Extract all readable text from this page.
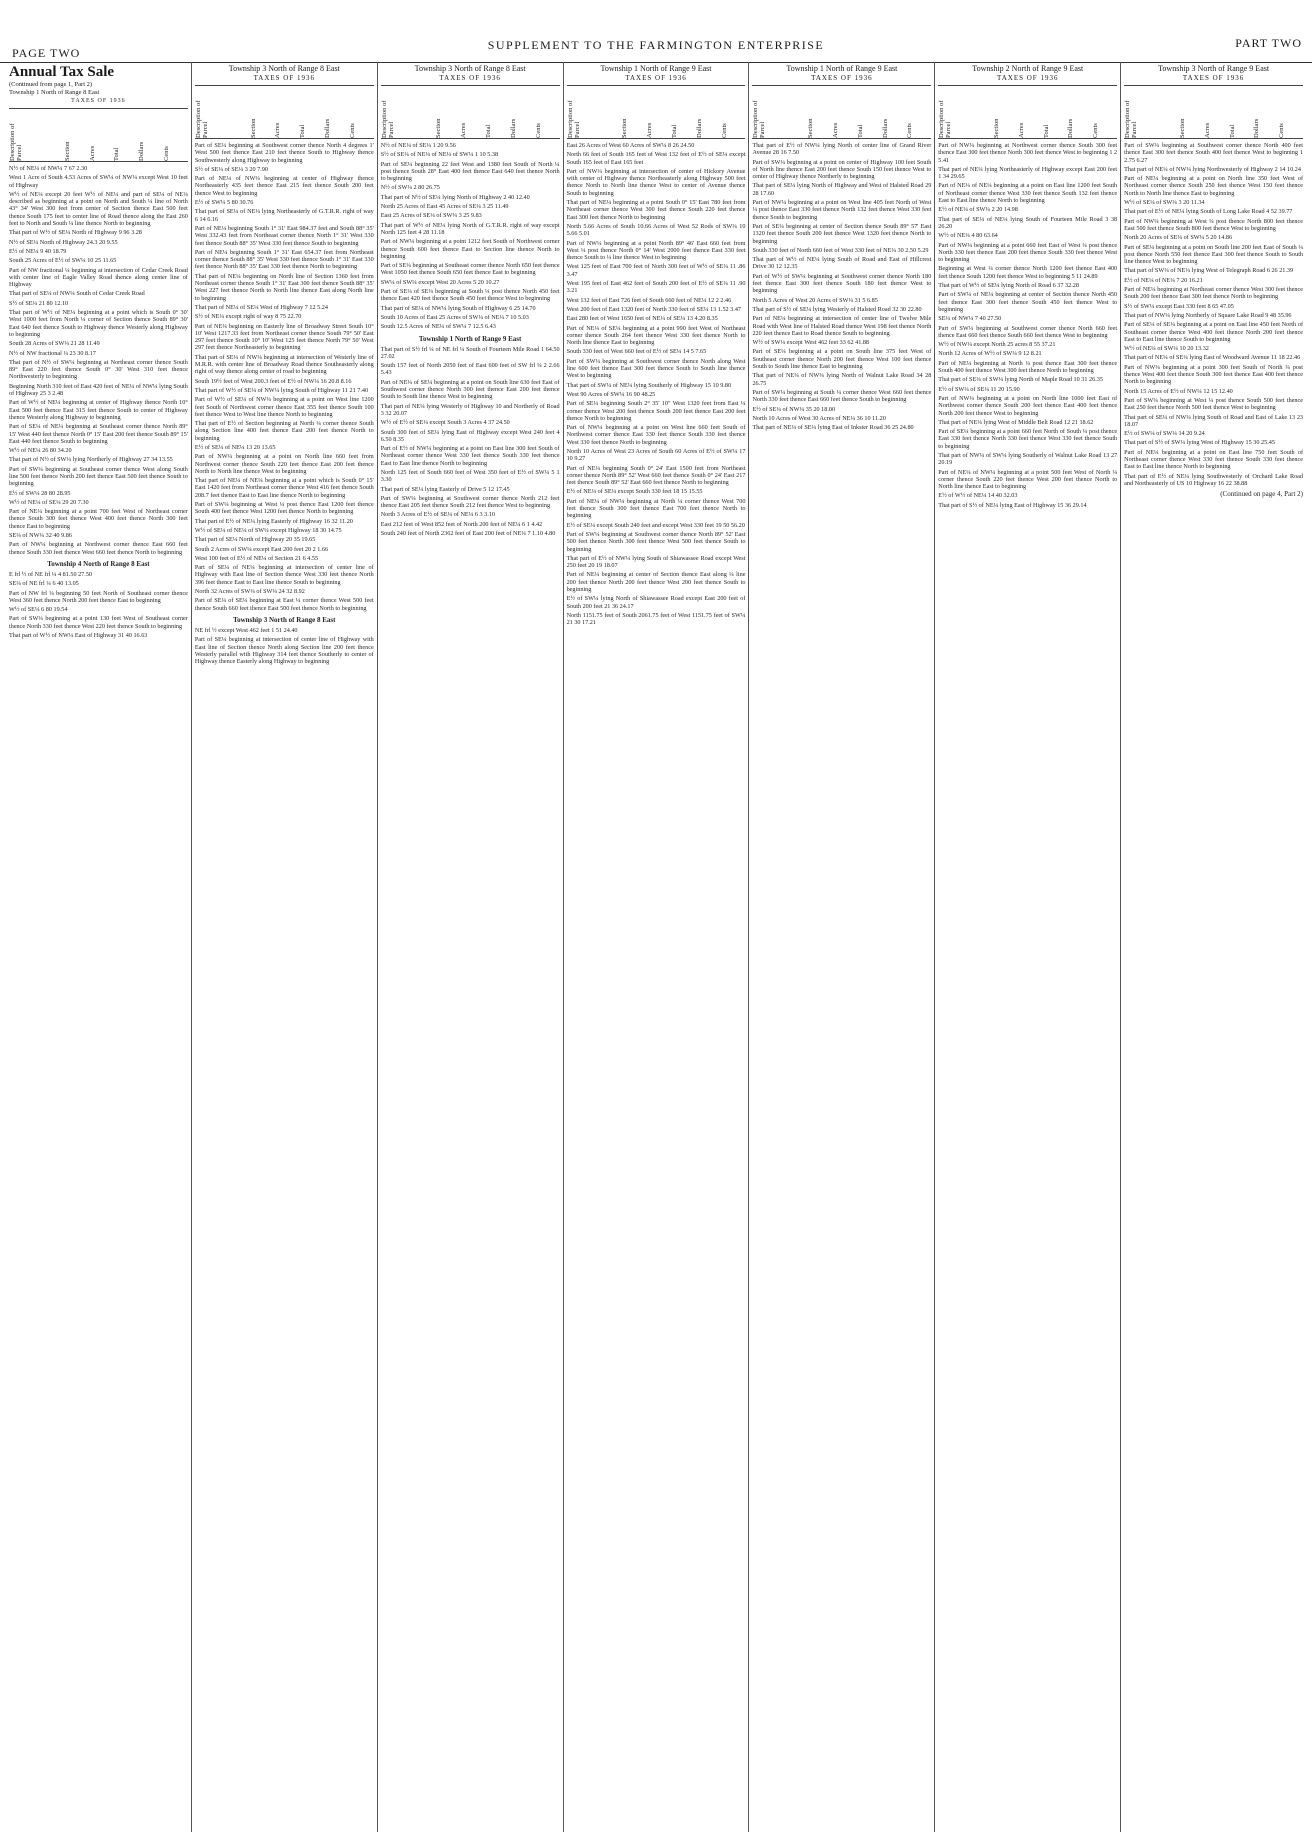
PAGE TWO
SUPPLEMENT TO THE FARMINGTON ENTERPRISE	PART TWO
Annual Tax Sale
(Continued from page 1, Part 2)
Township 1 North of Range 8 East
TAXES OF 1936
Description of Parcel	Section	Acres	Total	Dollars	Cents
N½ of NE¼ of NW¼ 7 67 2.30
West 1 Acre of South 4.53 Acres of SW¼ of NW¼ except West 10 feet of Highway
W½ of NE¼ except 20 feet W½ of NE¼ and part of SE¼ of NE¼ described as beginning at a point on North and South ¼ line of North 43° 34' West 300 feet from center of Section thence East 500 feet thence South 175 feet to center line of Road thence along the East 260 feet to North and South ¼ line thence North to beginning
That part of W½ of SE¼ North of Highway 9 96 3.28
N½ of SE¼ North of Highway 24.3 20 9.55
E½ of NE¼ 9 40 18.79
South 25 Acres of E½ of SW¼ 10 25 11.65
Part of NW fractional ¼ beginning at intersection of Cedar Creek Road with center line of Eagle Valley Road thence along center line of Highway
That part of SE¼ of NW¼ South of Cedar Creek Road
S½ of SE¼ 21 80 12.10
That part of W½ of NE¼ beginning at a point which is South 0° 30' West 1000 feet from North ¼ corner of Section thence South 89° 30' East 640 feet thence South to Highway thence Westerly along Highway to beginning
South 28 Acres of SW¼ 21 28 11.49
N½ of NW fractional ¼ 23 30 8.17
That part of N½ of SW¼ beginning at Northeast corner thence South 89° East 220 feet thence South 0° 30' West 310 feet thence Northwesterly to beginning
Beginning North 310 feet of East 420 feet of NE¼ of NW¼ lying South of Highway 25 3 2.48
Part of W½ of NE¼ beginning at center of Highway thence North 10° East 500 feet thence East 315 feet thence South to center of Highway thence Westerly along Highway to beginning
Part of SE¼ of NE¼ beginning at Southeast corner thence North 89° 15' West 440 feet thence North 0° 15' East 200 feet thence South 89° 15' East 440 feet thence South to beginning
W½ of NE¼ 26 80 34.20
That part of N½ of SW¼ lying Northerly of Highway 27 34 13.55
Part of SW¼ beginning at Southeast corner thence West along South line 500 feet thence North 200 feet thence East 500 feet thence South to beginning
E½ of SW¼ 28 80 28.95
W½ of NE¼ of SE¼ 29 20 7.30
Part of NE¼ beginning at a point 700 feet West of Northeast corner thence South 300 feet thence West 400 feet thence North 300 feet thence East to beginning
SE¼ of NW¼ 32 40 9.86
Part of NW¼ beginning at Northwest corner thence East 660 feet thence South 330 feet thence West 660 feet thence North to beginning
Township 4 North of Range 8 East
E frl ½ of NE frl ¼ 4 81.50 27.50
SE¼ of NE frl ¼ 6 40 13.05
Part of NW frl ¼ beginning 50 feet North of Southeast corner thence West 360 feet thence North 200 feet thence East to beginning
W½ of SE¼ 6 80 19.54
Part of SW¼ beginning at a point 130 feet West of Southeast corner thence North 330 feet thence West 220 feet thence South to beginning
That part of W½ of NW¼ East of Highway 31 40 16.63
Township 3 North of Range 8 East
TAXES OF 1936
Description of Parcel	Section	Acres	Total	Dollars	Cents
Part of SE¼ beginning at Southwest corner thence North 4 degrees 1' West 500 feet thence East 210 feet thence South to Highway thence Southwesterly along Highway to beginning
S½ of SE¼ of SE¼ 3 20 7.90
Part of NE¼ of NW¼ beginning at center of Highway thence Northeasterly 435 feet thence East 215 feet thence South 200 feet thence West to beginning
E½ of SW¼ 5 80 30.76
That part of SE¼ of NE¼ lying Northeasterly of G.T.R.R. right of way 6 14 6.16
Part of NE¼ beginning South 1° 31' East 984.37 feet and South 88° 35' West 332.43 feet from Northeast corner thence North 1° 31' West 330 feet thence South 88° 35' West 330 feet thence South to beginning
Part of NE¼ beginning South 1° 31' East 654.37 feet from Northeast corner thence South 88° 35' West 330 feet thence South 1° 31' East 330 feet thence North 88° 35' East 330 feet thence North to beginning
That part of NE¼ beginning on North line of Section 1360 feet from Northeast corner thence South 1° 31' East 300 feet thence South 88° 35' West 227 feet thence North to North line thence East along North line to beginning
That part of NE¼ of SE¼ West of Highway 7 12 5.24
S½ of NE¼ except right of way 8 75 22.70
Part of NE¼ beginning on Easterly line of Broadway Street South 10° 10' West 1217.33 feet from Northeast corner thence South 79° 50' East 297 feet thence South 10° 10' West 125 feet thence North 79° 50' West 297 feet thence Northeasterly to beginning
That part of SE¼ of NW¼ beginning at intersection of Westerly line of M.R.R. with center line of Broadway Road thence Southeasterly along right of way thence along center of road to beginning
South 19½ feet of West 200.3 feet of E½ of NW¼ 16 20.8 8.16
That part of W½ of SE¼ of NW¼ lying South of Highway 11 21 7.40
Part of W½ of SE¼ of NW¼ beginning at a point on West line 1200 feet South of Northwest corner thence East 355 feet thence South 100 feet thence West to West line thence North to beginning
That part of E½ of Section beginning at North ¼ corner thence South along Section line 400 feet thence East 200 feet thence North to beginning
E½ of SE¼ of NE¼ 13 20 13.65
Part of NW¼ beginning at a point on North line 660 feet from Northwest corner thence South 220 feet thence East 200 feet thence North to North line thence West to beginning
That part of NE¼ of NE¼ beginning at a point which is South 0° 15' East 1420 feet from Northeast corner thence West 416 feet thence South 208.7 feet thence East to East line thence North to beginning
Part of SW¼ beginning at West ¼ post thence East 1200 feet thence South 400 feet thence West 1200 feet thence North to beginning
That part of E½ of NE¼ lying Easterly of Highway 16 32 11.20
W½ of SE¼ of NE¼ of SW¼ except Highway 18 30 14.75
That part of SE¼ North of Highway 20 35 19.65
South 2 Acres of SW¼ except East 200 feet 20 2 1.66
West 100 feet of E½ of NE¼ of Section 21 6 4.55
Part of SE¼ of NE¼ beginning at intersection of center line of Highway with East line of Section thence West 330 feet thence North 396 feet thence East to East line thence South to beginning
North 32 Acres of SW¼ of SW¼ 24 32 8.92
Part of SE¼ of SE¼ beginning at East ¼ corner thence West 500 feet thence South 660 feet thence East 500 feet thence North to beginning
Township 3 North of Range 8 East
NE frl ½ except West 462 feet 1 51 24.40
Part of SE¼ beginning at intersection of center line of Highway with East line of Section thence North along Section line 200 feet thence Westerly parallel with Highway 314 feet thence Southerly to center of Highway thence Easterly along Highway to beginning
Township 3 North of Range 8 East
TAXES OF 1936
Description of Parcel	Section	Acres	Total	Dollars	Cents
N½ of NE¼ of SE¼ 1 20 9.56
S½ of SE¼ of NE¼ of NE¼ of SW¼ 1 10 5.38
Part of SE¼ beginning 22 feet West and 1380 feet South of North ¼ post thence South 28° East 400 feet thence East 640 feet thence North to beginning
N½ of SW¼ 2 80 26.75
That part of N½ of SE¼ lying North of Highway 2 40 12.40
North 25 Acres of East 45 Acres of SE¼ 3 25 11.49
East 25 Acres of SE¼ of SW¼ 3 25 9.83
That part of W½ of NE¼ lying North of G.T.R.R. right of way except North 125 feet 4 28 11.18
Part of NW¼ beginning at a point 1212 feet South of Northwest corner thence South 600 feet thence East to Section line thence North to beginning
Part of SE¼ beginning at Southeast corner thence North 650 feet thence West 1050 feet thence South 650 feet thence East to beginning
SW¼ of SW¼ except West 20 Acres 5 20 10.27
Part of SE¼ of SE¼ beginning at South ¼ post thence North 450 feet thence East 420 feet thence South 450 feet thence West to beginning
That part of SE¼ of NW¼ lying South of Highway 6 25 14.70
South 10 Acres of East 25 Acres of SW¼ of NE¼ 7 10 5.03
South 12.5 Acres of NE¼ of SW¼ 7 12.5 6.43
Township 1 North of Range 9 East
That part of S½ frl ¼ of NE frl ¼ South of Fourteen Mile Road 1 64.50 27.02
South 157 feet of North 2050 feet of East 600 feet of SW frl ¼ 2 2.66 5.43
Part of NE¼ of SE¼ beginning at a point on South line 630 feet East of Southwest corner thence North 300 feet thence East 200 feet thence South to South line thence West to beginning
That part of NE¼ lying Westerly of Highway 10 and Northerly of Road 3 32 20.07
W½ of E½ of SE¼ except South 3 Acres 4 37 24.50
South 300 feet of SE¼ lying East of Highway except West 240 feet 4 6.50 8.35
Part of E½ of NW¼ beginning at a point on East line 300 feet South of Northeast corner thence West 330 feet thence South 330 feet thence East to East line thence North to beginning
North 125 feet of South 660 feet of West 350 feet of E½ of SW¼ 5 1 3.30
That part of SE¼ lying Easterly of Drive 5 12 17.45
Part of SW¼ beginning at Southwest corner thence North 212 feet thence East 205 feet thence South 212 feet thence West to beginning
North 3 Acres of E½ of SE¼ of NE¼ 6 3 3.10
East 212 feet of West 852 feet of North 200 feet of NE¼ 6 1 4.42
South 240 feet of North 2362 feet of East 200 feet of NE¼ 7 1.10 4.80
Township 1 North of Range 9 East
TAXES OF 1936
Description of Parcel	Section	Acres	Total	Dollars	Cents
East 26 Acres of West 60 Acres of SW¼ 8 26 24.50
North 66 feet of South 165 feet of West 132 feet of E½ of SE¼ except South 165 feet of East 165 feet
Part of NW¼ beginning at intersection of center of Hickory Avenue with center of Highway thence Northeasterly along Highway 500 feet thence North to North line thence West to center of Avenue thence South to beginning
That part of NE¼ beginning at a point South 0° 15' East 780 feet from Northeast corner thence West 300 feet thence South 220 feet thence East 300 feet thence North to beginning
North 5.66 Acres of South 10.66 Acres of West 52 Rods of SW¼ 10 5.66 5.01
Part of NW¼ beginning at a point North 89° 46' East 660 feet from West ¼ post thence North 0° 14' West 2000 feet thence East 330 feet thence South to ¼ line thence West to beginning
West 125 feet of East 700 feet of North 300 feet of W½ of SE¼ 11 .86 3.47
West 195 feet of East 462 feet of South 200 feet of E½ of SE¼ 11 .90 3.21
West 132 feet of East 726 feet of South 660 feet of NE¼ 12 2 2.46
West 200 feet of East 1320 feet of North 330 feet of SE¼ 13 1.52 3.47
East 280 feet of West 1650 feet of NE¼ of SE¼ 13 4.20 8.35
Part of NE¼ of SE¼ beginning at a point 990 feet West of Northeast corner thence South 264 feet thence West 330 feet thence North to North line thence East to beginning
South 330 feet of West 660 feet of E½ of SE¼ 14 5 7.65
Part of SW¼ beginning at Southwest corner thence North along West line 600 feet thence East 300 feet thence South to South line thence West to beginning
That part of SW¼ of NE¼ lying Southerly of Highway 15 10 9.80
West 90 Acres of SW¼ 16 90 48.25
Part of SE¼ beginning South 2° 35' 10" West 1320 feet from East ¼ corner thence West 200 feet thence South 200 feet thence East 200 feet thence North to beginning
Part of NW¼ beginning at a point on West line 660 feet South of Northwest corner thence East 330 feet thence South 330 feet thence West 330 feet thence North to beginning
North 10 Acres of West 23 Acres of South 60 Acres of E½ of SW¼ 17 10 9.27
Part of NE¼ beginning South 0° 24' East 1500 feet from Northeast corner thence North 89° 52' West 660 feet thence South 0° 24' East 217 feet thence South 89° 52' East 660 feet thence North to beginning
E½ of NE¼ of SE¼ except South 330 feet 18 15 15.55
Part of NE¼ of NW¼ beginning at North ¼ corner thence West 700 feet thence South 300 feet thence East 700 feet thence North to beginning
E½ of SE¼ except South 240 feet and except West 330 feet 19 50 56.20
Part of SW¼ beginning at Southwest corner thence North 89° 52' East 500 feet thence North 300 feet thence West 500 feet thence South to beginning
That part of E½ of NW¼ lying South of Shiawassee Road except West 250 feet 20 19 18.07
Part of NE¼ beginning at center of Section thence East along ¼ line 200 feet thence North 200 feet thence West 200 feet thence South to beginning
E½ of SW¼ lying North of Shiawassee Road except East 200 feet of South 200 feet 21 36 24.17
North 1151.75 feet of South 2061.75 feet of West 1151.75 feet of SW¼ 21 30 17.21
Township 1 North of Range 9 East
TAXES OF 1936
Description of Parcel	Section	Acres	Total	Dollars	Cents
That part of E½ of NW¼ lying North of center line of Grand River Avenue 28 16 7.50
Part of SW¼ beginning at a point on center of Highway 100 feet South of North line thence East 200 feet thence South 150 feet thence West to center of Highway thence Northerly to beginning
That part of SE¼ lying North of Highway and West of Halsted Road 29 28 17.60
Part of NW¼ beginning at a point on West line 405 feet North of West ¼ post thence East 330 feet thence North 132 feet thence West 330 feet thence South to beginning
Part of SE¼ beginning at center of Section thence South 89° 57' East 1320 feet thence South 200 feet thence West 1320 feet thence North to beginning
South 330 feet of North 660 feet of West 330 feet of NE¼ 30 2.50 5.29
That part of W½ of NE¼ lying South of Road and East of Hillcrest Drive 30 12 12.35
Part of W½ of SW¼ beginning at Southwest corner thence North 180 feet thence East 300 feet thence South 180 feet thence West to beginning
North 5 Acres of West 20 Acres of SW¼ 31 5 6.85
That part of S½ of SE¼ lying Westerly of Halsted Road 32 30 22.80
Part of NE¼ beginning at intersection of center line of Twelve Mile Road with West line of Halsted Road thence West 198 feet thence North 220 feet thence East to Road thence South to beginning
W½ of SW¼ except West 462 feet 33 62 41.88
Part of SE¼ beginning at a point on South line 375 feet West of Southeast corner thence North 200 feet thence West 100 feet thence South to South line thence East to beginning
That part of NE¼ of NW¼ lying North of Walnut Lake Road 34 28 26.75
Part of SW¼ beginning at South ¼ corner thence West 660 feet thence North 330 feet thence East 660 feet thence South to beginning
E½ of SE¼ of NW¼ 35 20 18.00
North 10 Acres of West 30 Acres of NE¼ 36 10 11.20
That part of NE¼ of SE¼ lying East of Inkster Road 36 25 24.80
Township 2 North of Range 9 East
TAXES OF 1936
Description of Parcel	Section	Acres	Total	Dollars	Cents
Part of NW¼ beginning at Northwest corner thence South 300 feet thence East 300 feet thence North 300 feet thence West to beginning 1 2 5.41
That part of NE¼ lying Northeasterly of Highway except East 200 feet 1 34 29.65
Part of NE¼ of NE¼ beginning at a point on East line 1200 feet South of Northeast corner thence West 330 feet thence South 132 feet thence East to East line thence North to beginning
E½ of NE¼ of SW¼ 2 20 14.98
That part of SE¼ of NE¼ lying South of Fourteen Mile Road 3 38 26.20
W½ of NE¼ 4 80 63.64
Part of NW¼ beginning at a point 660 feet East of West ¼ post thence North 330 feet thence East 200 feet thence South 330 feet thence West to beginning
Beginning at West ¼ corner thence North 1200 feet thence East 400 feet thence South 1200 feet thence West to beginning 5 11 24.89
That part of W½ of SE¼ lying North of Road 6 37 32.28
Part of SW¼ of NE¼ beginning at center of Section thence North 450 feet thence East 300 feet thence South 450 feet thence West to beginning
SE¼ of NW¼ 7 40 27.50
Part of SW¼ beginning at Southwest corner thence North 660 feet thence East 660 feet thence South 660 feet thence West to beginning
W½ of NW¼ except North 25 acres 8 55 37.21
North 12 Acres of W½ of SW¼ 9 12 8.21
Part of NE¼ beginning at North ¼ post thence East 300 feet thence South 400 feet thence West 300 feet thence North to beginning
That part of SE¼ of SW¼ lying North of Maple Road 10 31 26.35
E½ of SW¼ of SE¼ 11 20 15.90
Part of NW¼ beginning at a point on North line 1000 feet East of Northwest corner thence South 200 feet thence East 400 feet thence North 200 feet thence West to beginning
That part of NE¼ lying West of Middle Belt Road 12 21 18.62
Part of SE¼ beginning at a point 660 feet North of South ¼ post thence East 330 feet thence North 330 feet thence West 330 feet thence South to beginning
That part of NW¼ of SW¼ lying Southerly of Walnut Lake Road 13 27 20.19
Part of NE¼ of NW¼ beginning at a point 500 feet West of North ¼ corner thence South 220 feet thence West 200 feet thence North to North line thence East to beginning
E½ of W½ of NE¼ 14 40 32.03
That part of S½ of NE¼ lying East of Highway 15 36 29.14
Township 3 North of Range 9 East
TAXES OF 1936
Description of Parcel	Section	Acres	Total	Dollars	Cents
Part of SW¼ beginning at Southwest corner thence North 400 feet thence East 300 feet thence South 400 feet thence West to beginning 1 2.75 6.27
That part of NE¼ of NW¼ lying Northwesterly of Highway 2 14 10.24
Part of NE¼ beginning at a point on North line 350 feet West of Northeast corner thence South 250 feet thence West 150 feet thence North to North line thence East to beginning
W½ of SE¼ of SW¼ 3 20 11.34
That part of E½ of NE¼ lying South of Long Lake Road 4 52 39.77
Part of NW¼ beginning at West ¼ post thence North 800 feet thence East 500 feet thence South 800 feet thence West to beginning
North 20 Acres of SE¼ of SW¼ 5 20 14.86
Part of SE¼ beginning at a point on South line 200 feet East of South ¼ post thence North 550 feet thence East 300 feet thence South to South line thence West to beginning
That part of SW¼ of NE¼ lying West of Telegraph Road 6 26 21.39
E½ of NE¼ of NE¼ 7 20 16.21
Part of NE¼ beginning at Northeast corner thence West 300 feet thence South 200 feet thence East 300 feet thence North to beginning
S½ of SW¼ except East 330 feet 8 65 47.05
That part of NW¼ lying Northerly of Square Lake Road 9 48 35.96
Part of SE¼ of SE¼ beginning at a point on East line 450 feet North of Southeast corner thence West 400 feet thence North 200 feet thence East to East line thence South to beginning
W½ of NE¼ of SW¼ 10 20 13.32
That part of NE¼ of SE¼ lying East of Woodward Avenue 11 18 22.46
Part of NW¼ beginning at a point 300 feet South of North ¼ post thence West 400 feet thence South 300 feet thence East 400 feet thence North to beginning
North 15 Acres of E½ of NW¼ 12 15 12.40
Part of SW¼ beginning at West ¼ post thence South 500 feet thence East 250 feet thence North 500 feet thence West to beginning
That part of SE¼ of NW¼ lying South of Road and East of Lake 13 23 18.07
E½ of SW¼ of SW¼ 14 20 9.24
That part of S½ of SW¼ lying West of Highway 15 30 25.45
Part of NE¼ beginning at a point on East line 750 feet South of Northeast corner thence West 330 feet thence South 330 feet thence East to East line thence North to beginning
That part of E½ of NE¼ lying Southwesterly of Orchard Lake Road and Northeasterly of US 10 Highway 16 22 38.88
(Continued on page 4, Part 2)
